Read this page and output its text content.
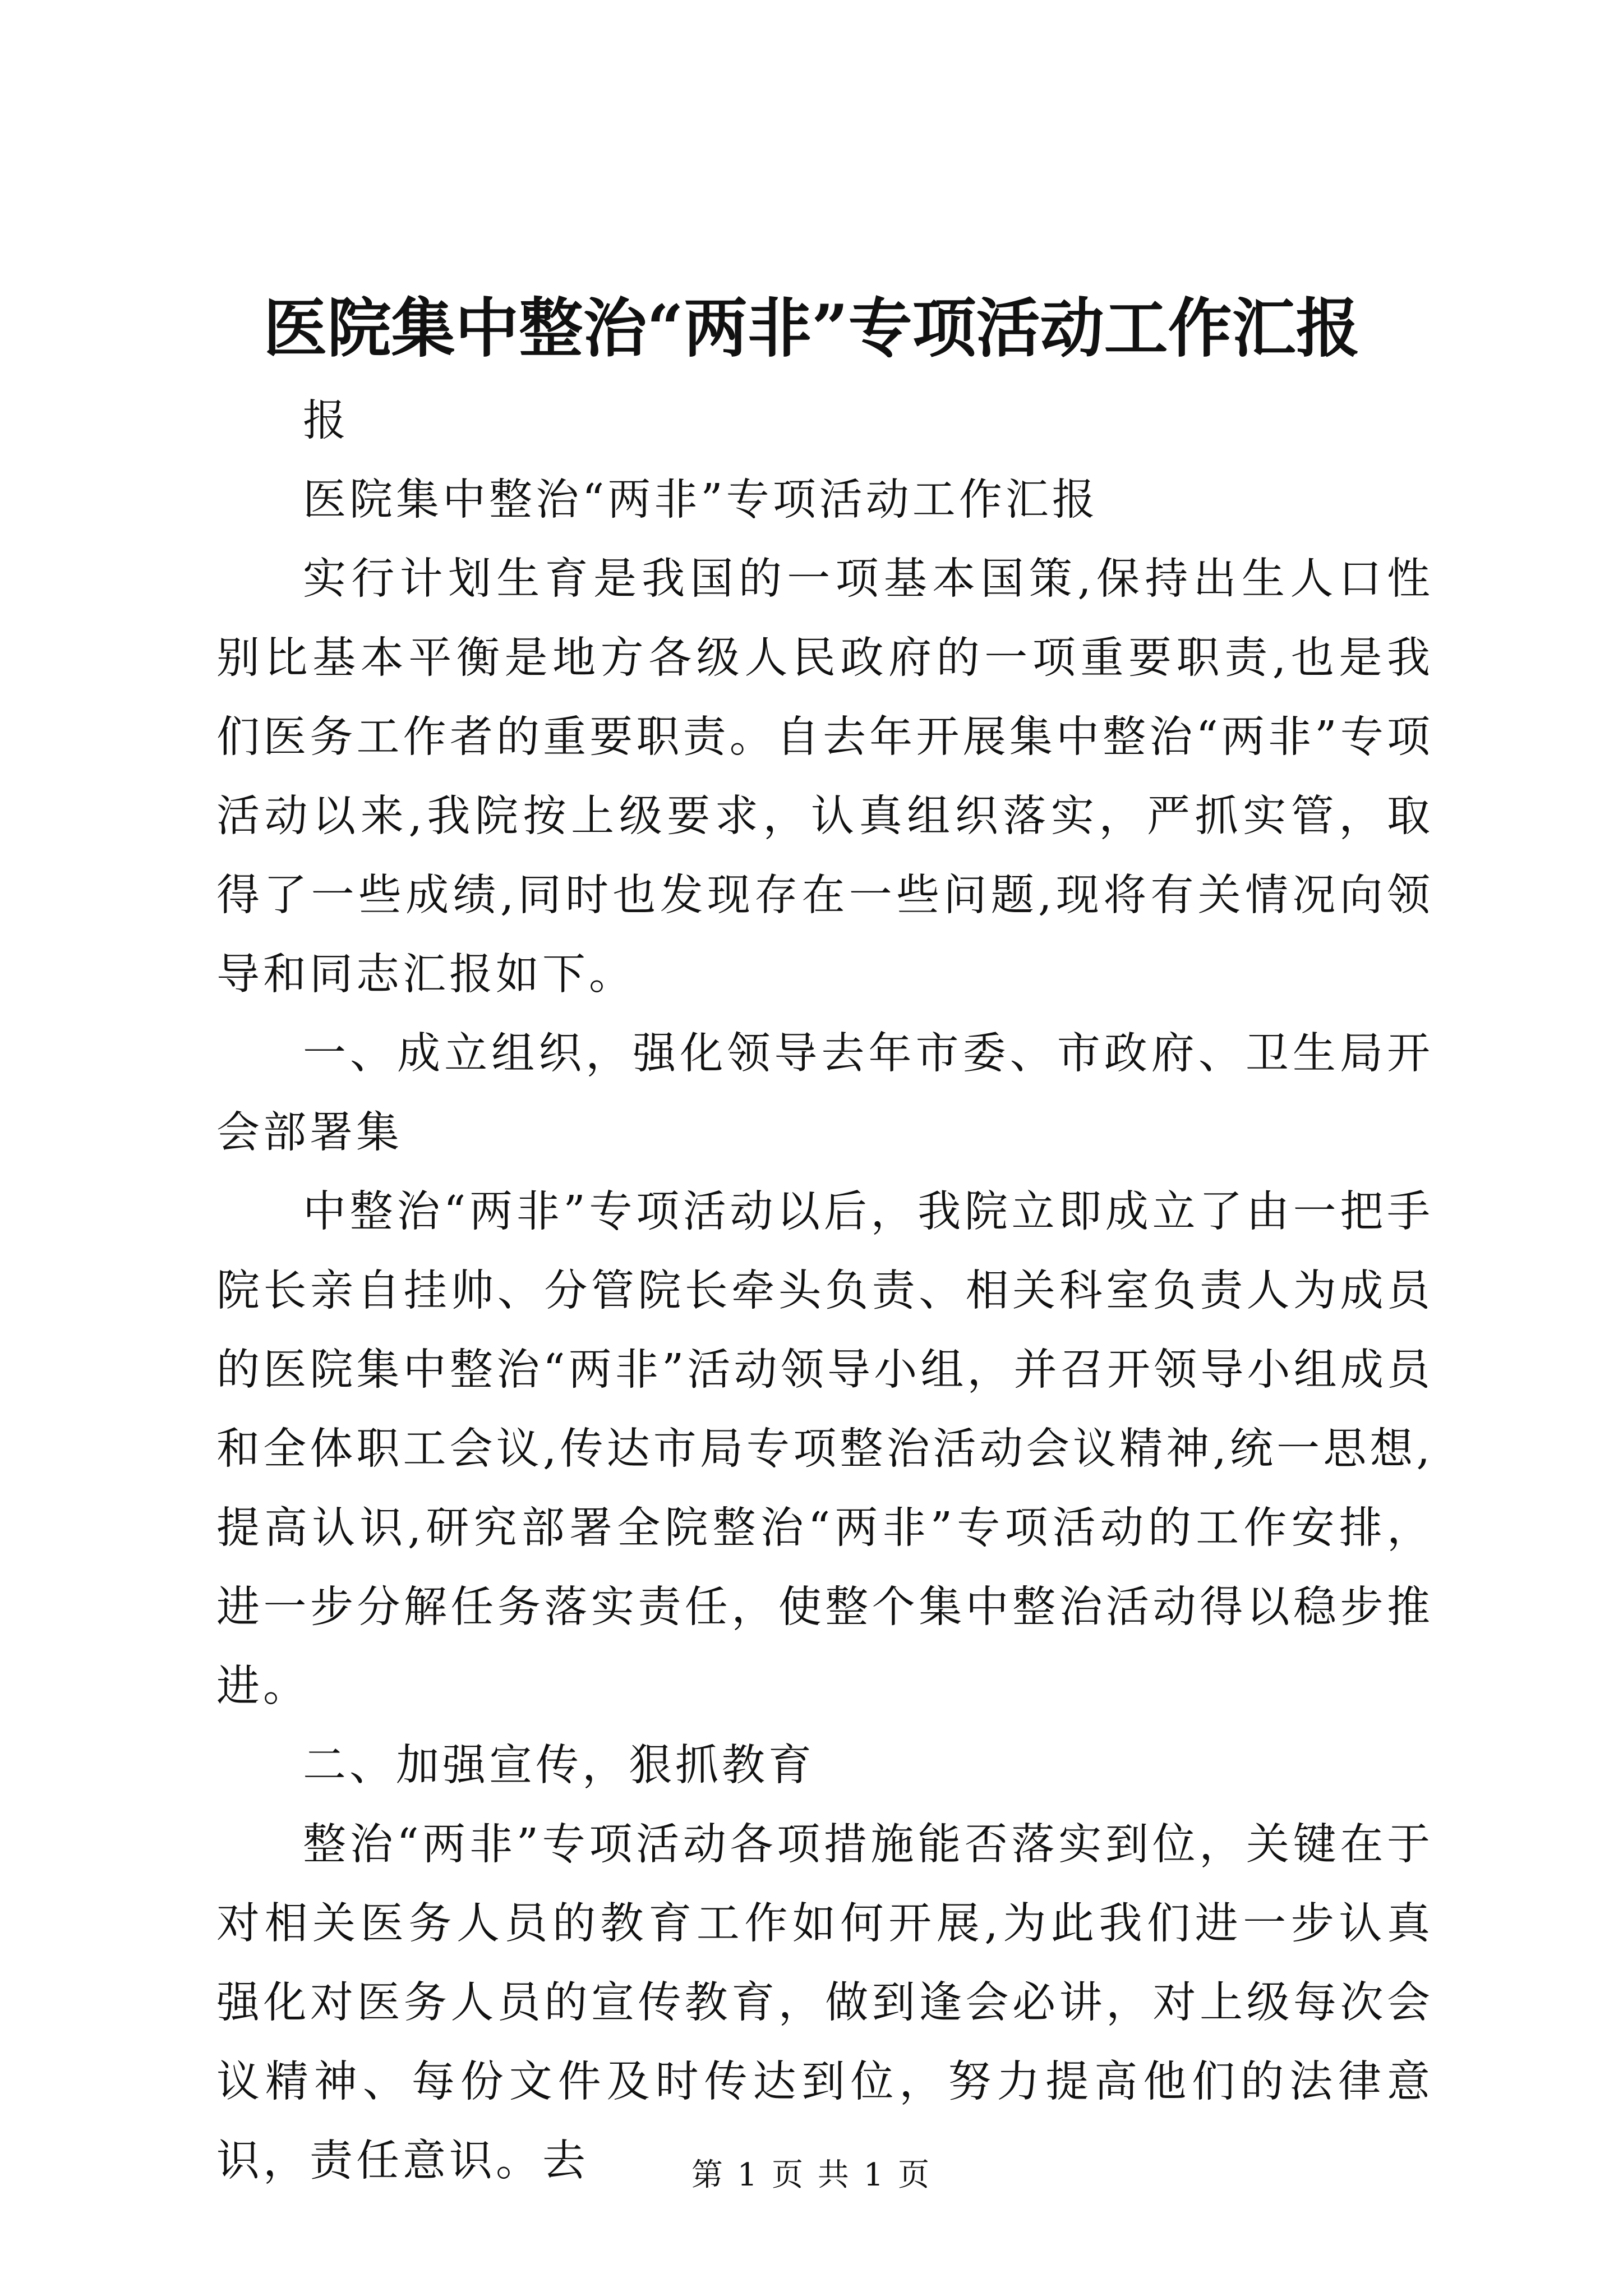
医院集中整治“两非”专项活动工作汇报

报

医院集中整治“两非”专项活动工作汇报

实行计划生育是我国的一项基本国策,保持出生人口性别比基本平衡是地方各级人民政府的一项重要职责,也是我们医务工作者的重要职责。自去年开展集中整治“两非”专项活动以来,我院按上级要求，认真组织落实，严抓实管，取得了一些成绩,同时也发现存在一些问题,现将有关情况向领导和同志汇报如下。

一、成立组织，强化领导去年市委、市政府、卫生局开会部署集

中整治“两非”专项活动以后，我院立即成立了由一把手院长亲自挂帅、分管院长牵头负责、相关科室负责人为成员的医院集中整治“两非”活动领导小组，并召开领导小组成员和全体职工会议,传达市局专项整治活动会议精神,统一思想,提高认识,研究部署全院整治“两非”专项活动的工作安排，进一步分解任务落实责任，使整个集中整治活动得以稳步推进。

二、加强宣传，狠抓教育

整治“两非”专项活动各项措施能否落实到位，关键在于对相关医务人员的教育工作如何开展,为此我们进一步认真强化对医务人员的宣传教育，做到逢会必讲，对上级每次会议精神、每份文件及时传达到位，努力提高他们的法律意识，责任意识。去	第 1 页 共 1 页
